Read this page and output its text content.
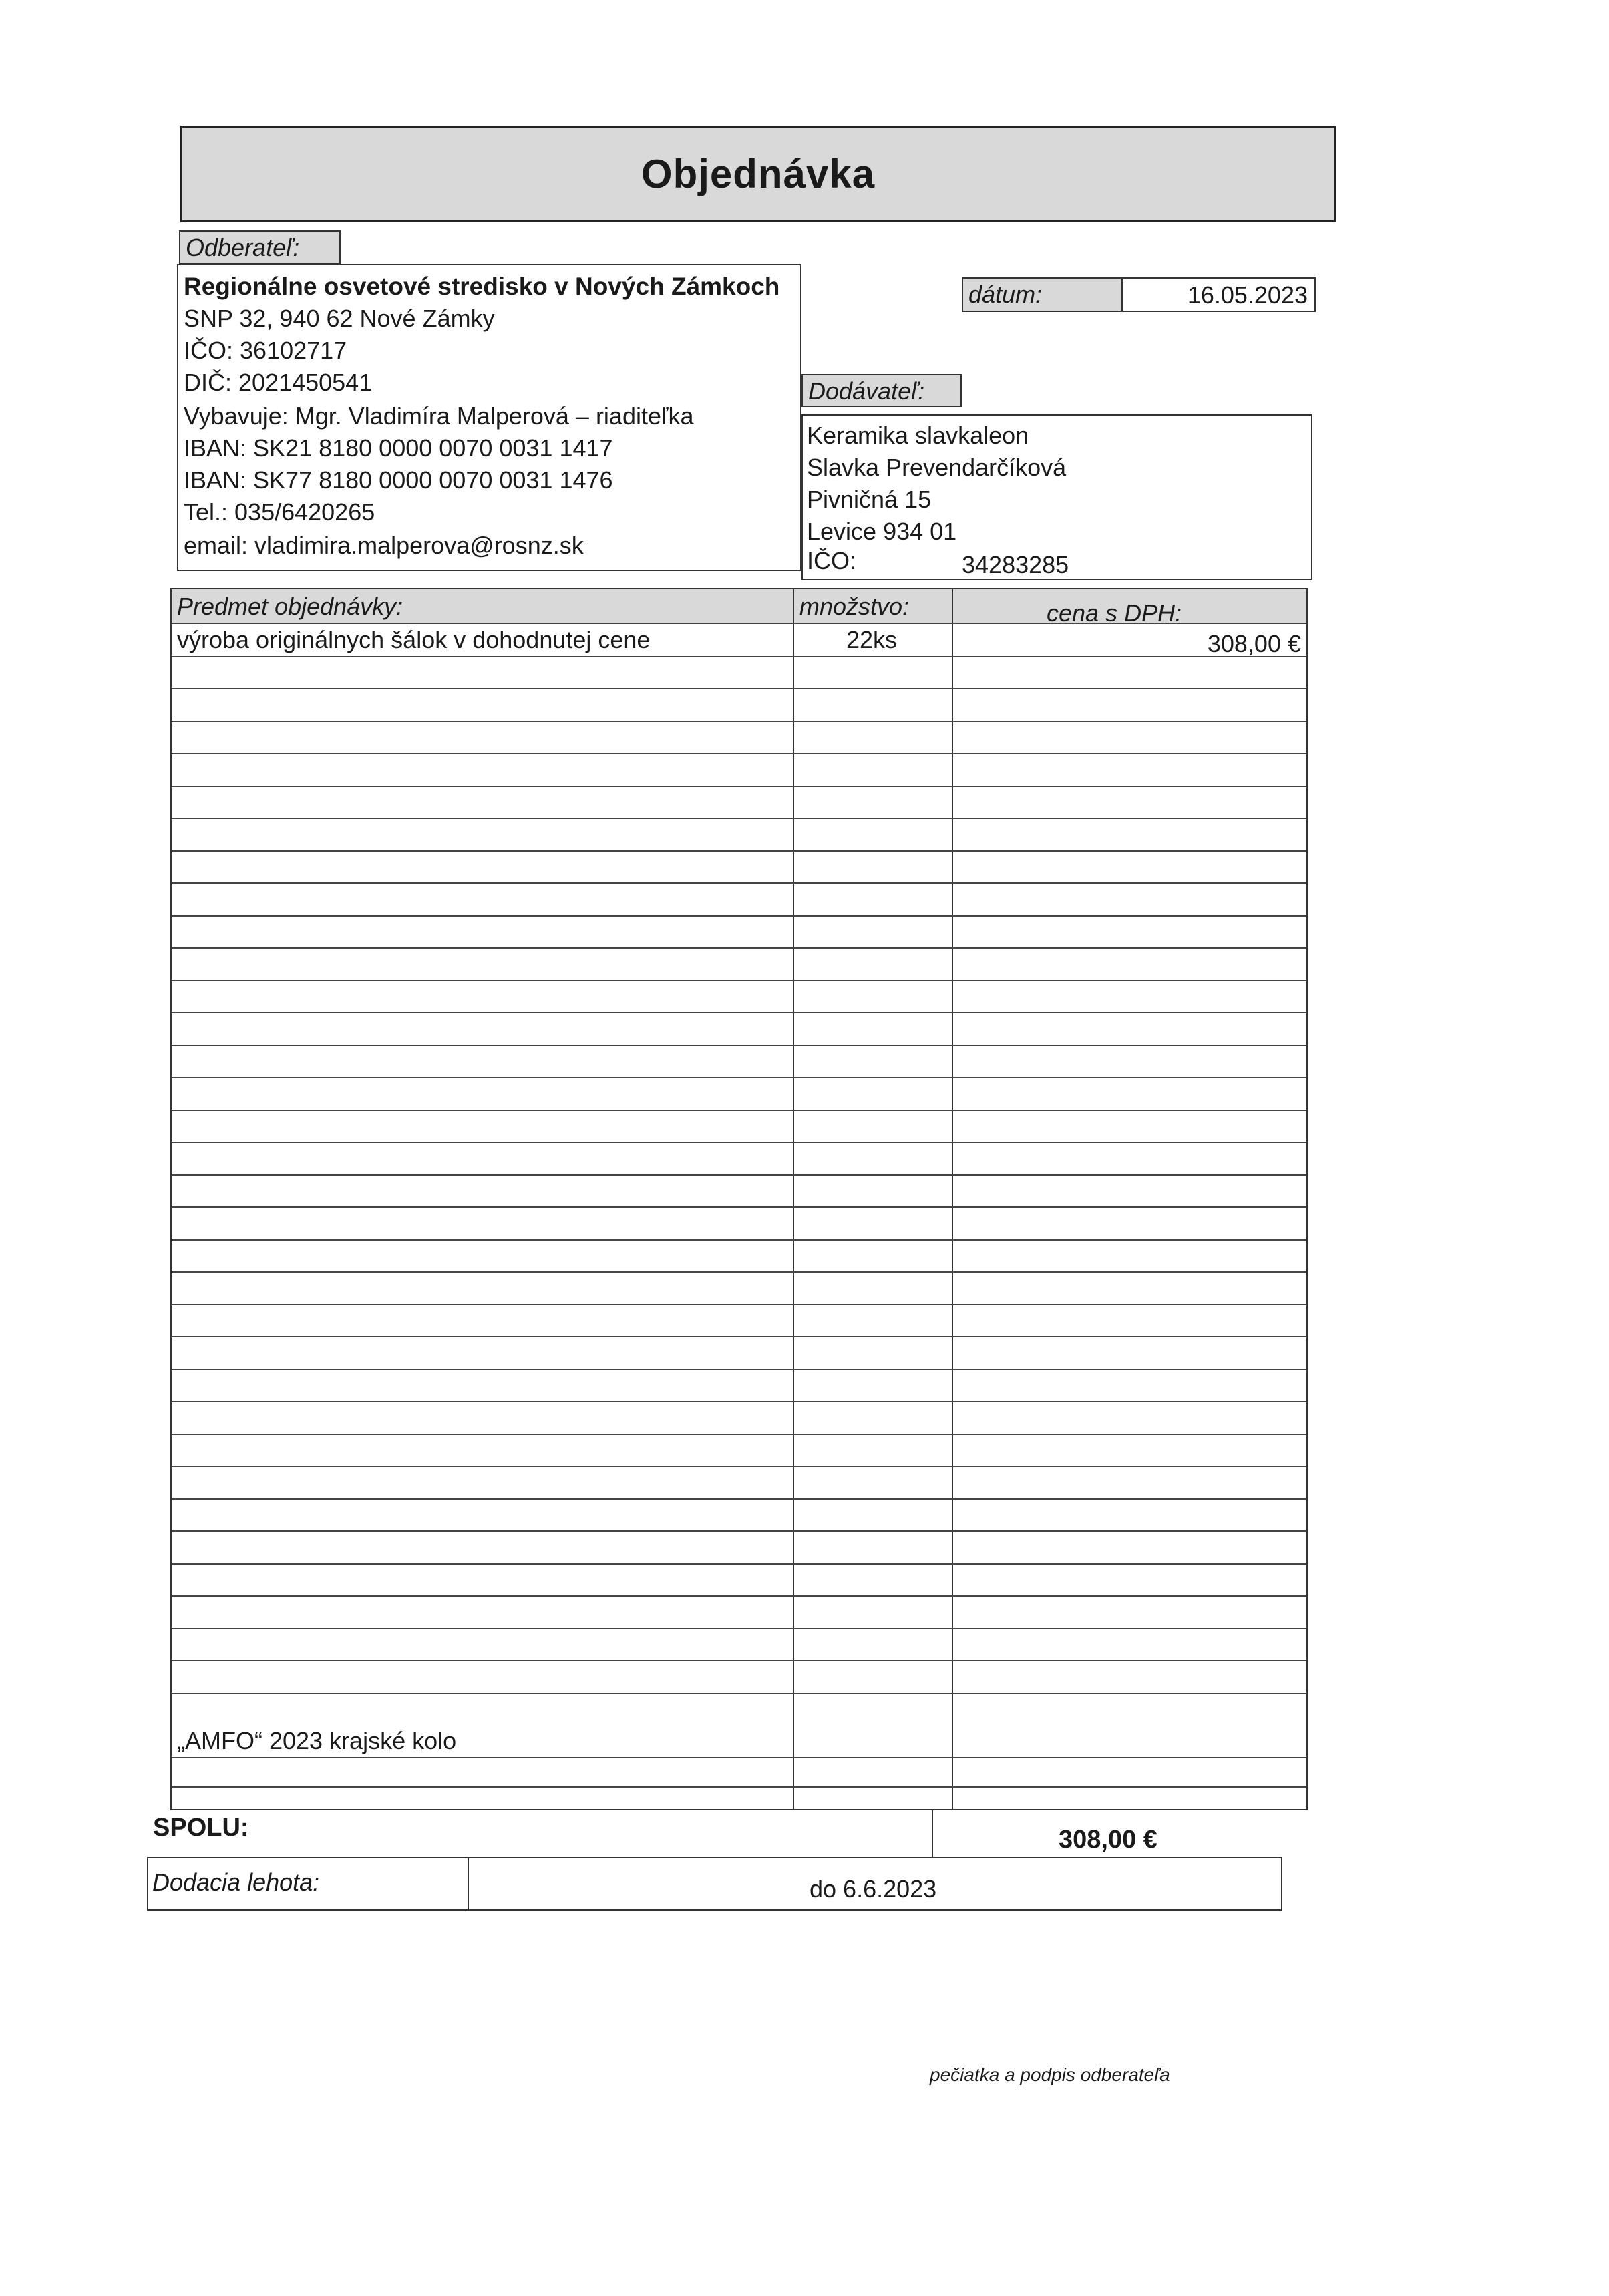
Objednávka
Odberateľ:
Regionálne osvetové stredisko v Nových Zámkoch
SNP 32, 940 62 Nové Zámky
IČO: 36102717
DIČ: 2021450541
Vybavuje: Mgr. Vladimíra Malperová – riaditeľka
IBAN: SK21 8180 0000 0070 0031 1417
IBAN: SK77 8180 0000 0070 0031 1476
Tel.: 035/6420265
email: vladimira.malperova@rosnz.sk
dátum:	16.05.2023
Dodávateľ:
Keramika slavkaleon
Slavka Prevendarčíková
Pivničná 15
Levice 934 01
IČO:	34283285
Predmet objednávky:	množstvo:	cena s DPH:
výroba originálnych šálok v dohodnutej cene	22ks	308,00 €
„AMFO“ 2023 krajské kolo
SPOLU:	308,00 €
Dodacia lehota:	do 6.6.2023
pečiatka a podpis odberateľa
